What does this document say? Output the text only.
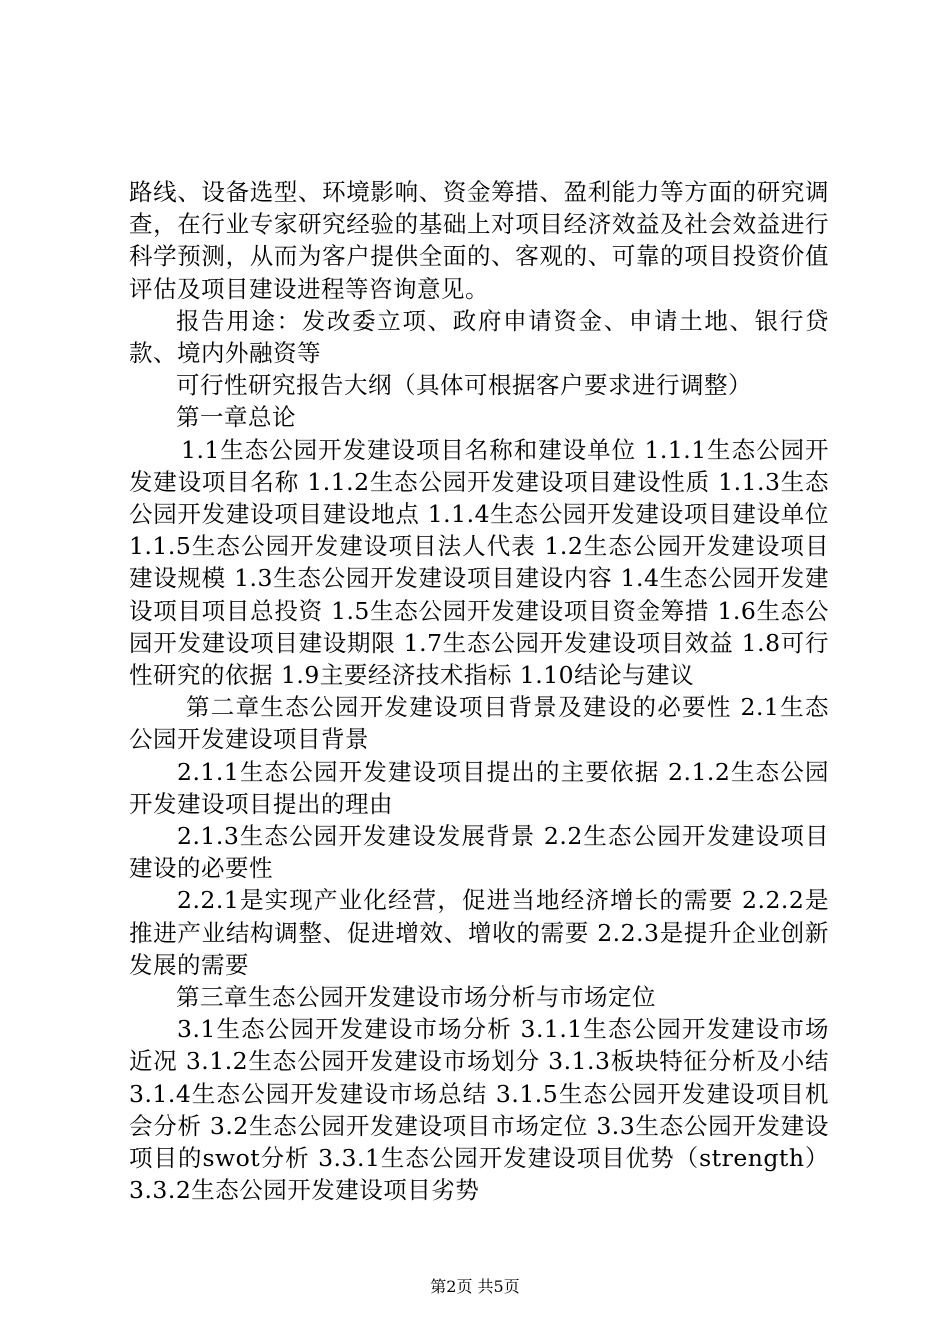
路线、设备选型、环境影响、资金筹措、盈利能力等方面的研究调查，在行业专家研究经验的基础上对项目经济效益及社会效益进行科学预测，从而为客户提供全面的、客观的、可靠的项目投资价值评估及项目建设进程等咨询意见。

报告用途：发改委立项、政府申请资金、申请土地、银行贷款、境内外融资等

可行性研究报告大纲（具体可根据客户要求进行调整）

第一章总论

1.1生态公园开发建设项目名称和建设单位 1.1.1生态公园开发建设项目名称 1.1.2生态公园开发建设项目建设性质 1.1.3生态公园开发建设项目建设地点 1.1.4生态公园开发建设项目建设单位 1.1.5生态公园开发建设项目法人代表 1.2生态公园开发建设项目建设规模 1.3生态公园开发建设项目建设内容 1.4生态公园开发建设项目项目总投资 1.5生态公园开发建设项目资金筹措 1.6生态公园开发建设项目建设期限 1.7生态公园开发建设项目效益 1.8可行性研究的依据 1.9主要经济技术指标 1.10结论与建议

第二章生态公园开发建设项目背景及建设的必要性 2.1生态公园开发建设项目背景

2.1.1生态公园开发建设项目提出的主要依据 2.1.2生态公园开发建设项目提出的理由

2.1.3生态公园开发建设发展背景 2.2生态公园开发建设项目建设的必要性

2.2.1是实现产业化经营，促进当地经济增长的需要 2.2.2是推进产业结构调整、促进增效、增收的需要 2.2.3是提升企业创新发展的需要

第三章生态公园开发建设市场分析与市场定位

3.1生态公园开发建设市场分析 3.1.1生态公园开发建设市场近况 3.1.2生态公园开发建设市场划分 3.1.3板块特征分析及小结 3.1.4生态公园开发建设市场总结 3.1.5生态公园开发建设项目机会分析 3.2生态公园开发建设项目市场定位 3.3生态公园开发建设项目的swot分析 3.3.1生态公园开发建设项目优势（strength） 3.3.2生态公园开发建设项目劣势

第2页 共5页
